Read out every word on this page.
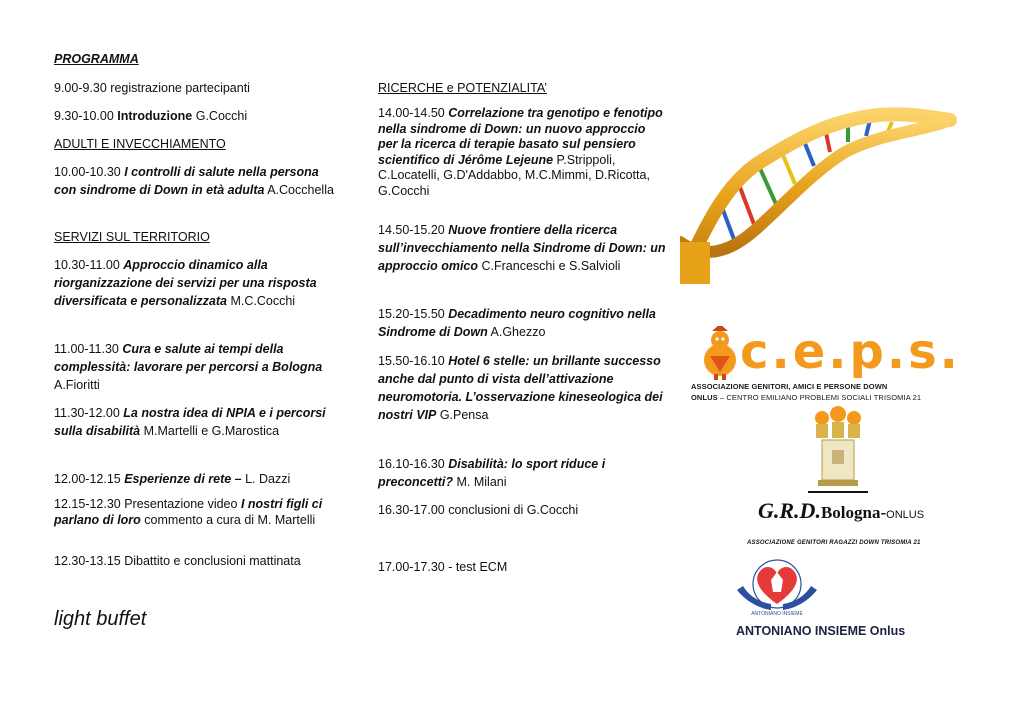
PROGRAMMA
9.00-9.30 registrazione partecipanti
9.30-10.00 Introduzione G.Cocchi
ADULTI E INVECCHIAMENTO
10.00-10.30 I controlli di salute nella persona con sindrome di Down in età adulta A.Cocchella
SERVIZI SUL TERRITORIO
10.30-11.00 Approccio dinamico alla riorganizzazione dei servizi per una risposta diversificata e personalizzata M.C.Cocchi
11.00-11.30 Cura e salute ai tempi della complessità: lavorare per percorsi a Bologna A.Fioritti
11.30-12.00 La nostra idea di NPIA e i percorsi sulla disabilità M.Martelli e G.Marostica
12.00-12.15 Esperienze di rete – L. Dazzi
12.15-12.30 Presentazione video I nostri figli ci parlano di loro commento a cura di M. Martelli
12.30-13.15 Dibattito e conclusioni mattinata
light buffet
RICERCHE e POTENZIALITA’
14.00-14.50 Correlazione tra genotipo e fenotipo nella sindrome di Down: un nuovo approccio per la ricerca di terapie basato sul pensiero scientifico di Jérôme Lejeune P.Strippoli, C.Locatelli, G.D'Addabbo, M.C.Mimmi, D.Ricotta, G.Cocchi
14.50-15.20 Nuove frontiere della ricerca sull’invecchiamento nella Sindrome di Down: un approccio omico C.Franceschi e S.Salvioli
15.20-15.50 Decadimento neuro cognitivo nella Sindrome di Down A.Ghezzo
15.50-16.10 Hotel 6 stelle: un brillante successo anche dal punto di vista dell’attivazione neuromotoria. L’osservazione kineseologica dei nostri VIP G.Pensa
16.10-16.30 Disabilità: lo sport riduce i preconcetti? M. Milani
16.30-17.00 conclusioni di G.Cocchi
17.00-17.30 - test ECM
c.e.p.s.
ASSOCIAZIONE GENITORI, AMICI E PERSONE DOWN
ONLUS – CENTRO EMILIANO PROBLEMI SOCIALI TRISOMIA 21
G.R.D.Bologna-ONLUS
ASSOCIAZIONE GENITORI RAGAZZI DOWN TRISOMIA 21
ANTONIANO INSIEME
ANTONIANO INSIEME Onlus
